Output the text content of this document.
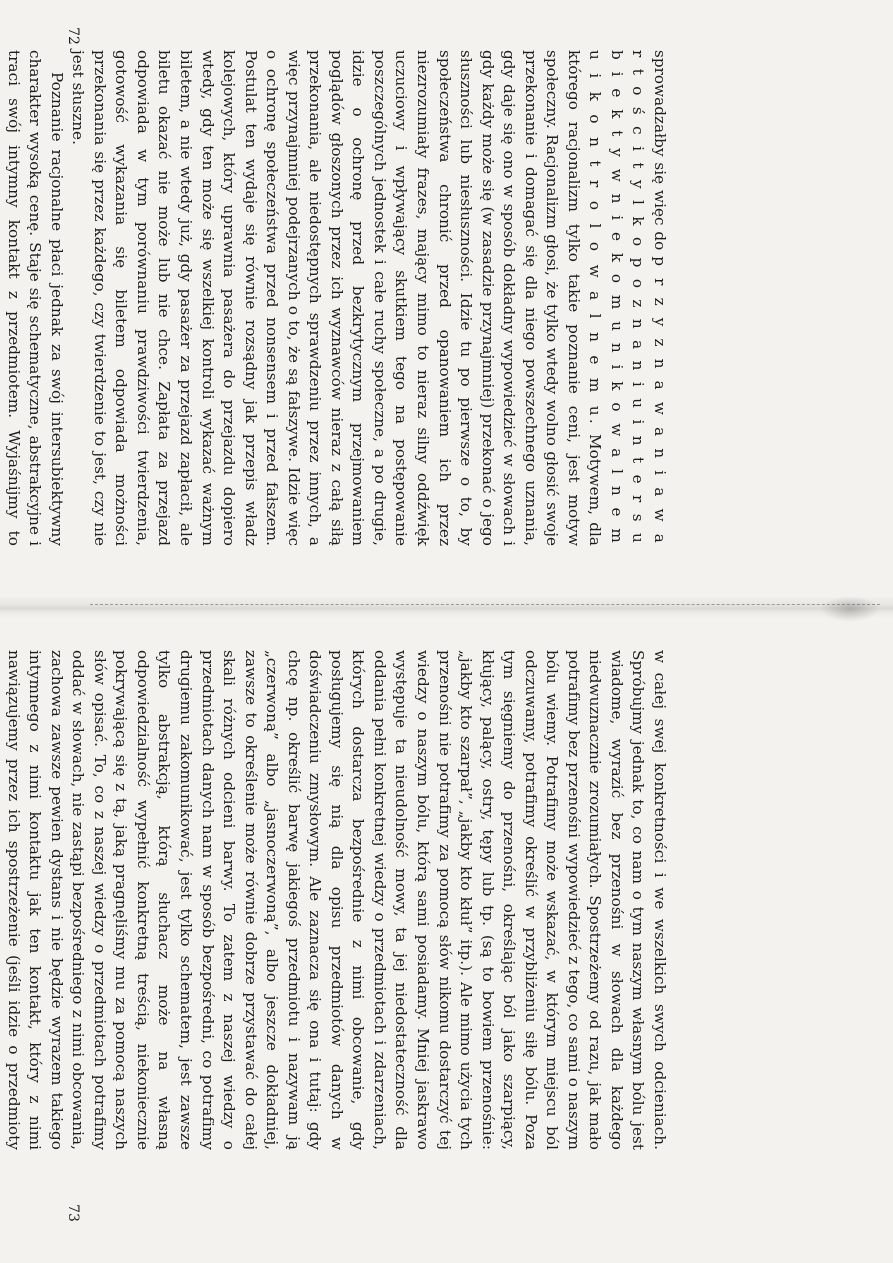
72
73

sprowadzałby się więc do p r z y z n a w a n i a w a r t o ś c i t y l k o p o z n a n i u i n t e r s u b i e k t y w n i e k o m u n i k o w a l n e m u i k o n t r o l o w a l n e m u. Motywem, dla którego racjonalizm tylko takie poznanie ceni, jest motyw społeczny. Racjonalizm głosi, że tylko wtedy wolno głosić swoje przekonanie i domagać się dla niego powszechnego uznania, gdy daje się ono w sposób dokładny wypowiedzieć w słowach i gdy każdy może się (w zasadzie przynajmniej) przekonać o jego słuszności lub niesłuszności. Idzie tu po pierwsze o to, by społeczeństwa chronić przed opanowaniem ich przez niezrozumiały frazes, mający mimo to nieraz silny oddźwięk uczuciowy i wpływający skutkiem tego na postępowanie poszczególnych jednostek i całe ruchy społeczne, a po drugie, idzie o ochronę przed bezkrytycznym przejmowaniem poglądów głoszonych przez ich wyznawców nieraz z całą siłą przekonania, ale niedostępnych sprawdzeniu przez innych, a więc przynajmniej podejrzanych o to, że są fałszywe. Idzie więc o ochronę społeczeństwa przed nonsensem i przed fałszem. Postulat ten wydaje się równie rozsądny jak przepis władz kolejowych, który uprawnia pasażera do przejazdu dopiero wtedy, gdy ten może się wszelkiej kontroli wykazać ważnym biletem, a nie wtedy już, gdy pasażer za przejazd zapłacił, ale biletu okazać nie może lub nie chce. Zapłata za przejazd odpowiada w tym porównaniu prawdziwości twierdzenia, gotowość wykazania się biletem odpowiada możności przekonania się przez każdego, czy twierdzenie to jest, czy nie jest słuszne.

Poznanie racjonalne płaci jednak za swój intersubiektywny charakter wysoką cenę. Staje się schematyczne, abstrakcyjne i traci swój intymny kontakt z przedmiotem. Wyjaśnijmy to

w całej swej konkretności i we wszelkich swych odcieniach. Spróbujmy jednak to, co nam o tym naszym własnym bólu jest wiadome, wyrazić bez przenośni w słowach dla każdego niedwuznacznie zrozumiałych. Spostrzeżemy od razu, jak mało potrafimy bez przenośni wypowiedzieć z tego, co sami o naszym bólu wiemy. Potrafimy może wskazać, w którym miejscu ból odczuwamy, potrafimy określić w przybliżeniu siłę bólu. Poza tym sięgniemy do przenośni, określając ból jako szarpiący, kłujący, palący, ostry, tępy lub tp. (są to bowiem przenośnie: „jakby kto szarpał”, „jakby kto kłuł” itp.). Ale mimo użycia tych przenośni nie potrafimy za pomocą słów nikomu dostarczyć tej wiedzy o naszym bólu, którą sami posiadamy. Mniej jaskrawo występuje ta nieudolność mowy, ta jej niedostateczność dla oddania pełni konkretnej wiedzy o przedmiotach i zdarzeniach, których dostarcza bezpośrednie z nimi obcowanie, gdy posługujemy się nią dla opisu przedmiotów danych w doświadczeniu zmysłowym. Ale zaznacza się ona i tutaj: gdy chcę np. określić barwę jakiegoś przedmiotu i nazywam ją „czerwoną” albo „jasnoczerwoną”, albo jeszcze dokładniej, zawsze to określenie może równie dobrze przystawać do całej skali różnych odcieni barwy. To zatem z naszej wiedzy o przedmiotach danych nam w sposób bezpośredni, co potrafimy drugiemu zakomunikować, jest tylko schematem, jest zawsze tylko abstrakcją, którą słuchacz może na własną odpowiedzialność wypełnić konkretną treścią, niekoniecznie pokrywającą się z tą, jaką pragnęliśmy mu za pomocą naszych słów opisać. To, co z naszej wiedzy o przedmiotach potrafimy oddać w słowach, nie zastąpi bezpośredniego z nimi obcowania, zachowa zawsze pewien dystans i nie będzie wyrazem takiego intymnego z nimi kontaktu jak ten kontakt, który z nimi nawiązujemy przez ich spostrzeżenie (jeśli idzie o przedmioty
